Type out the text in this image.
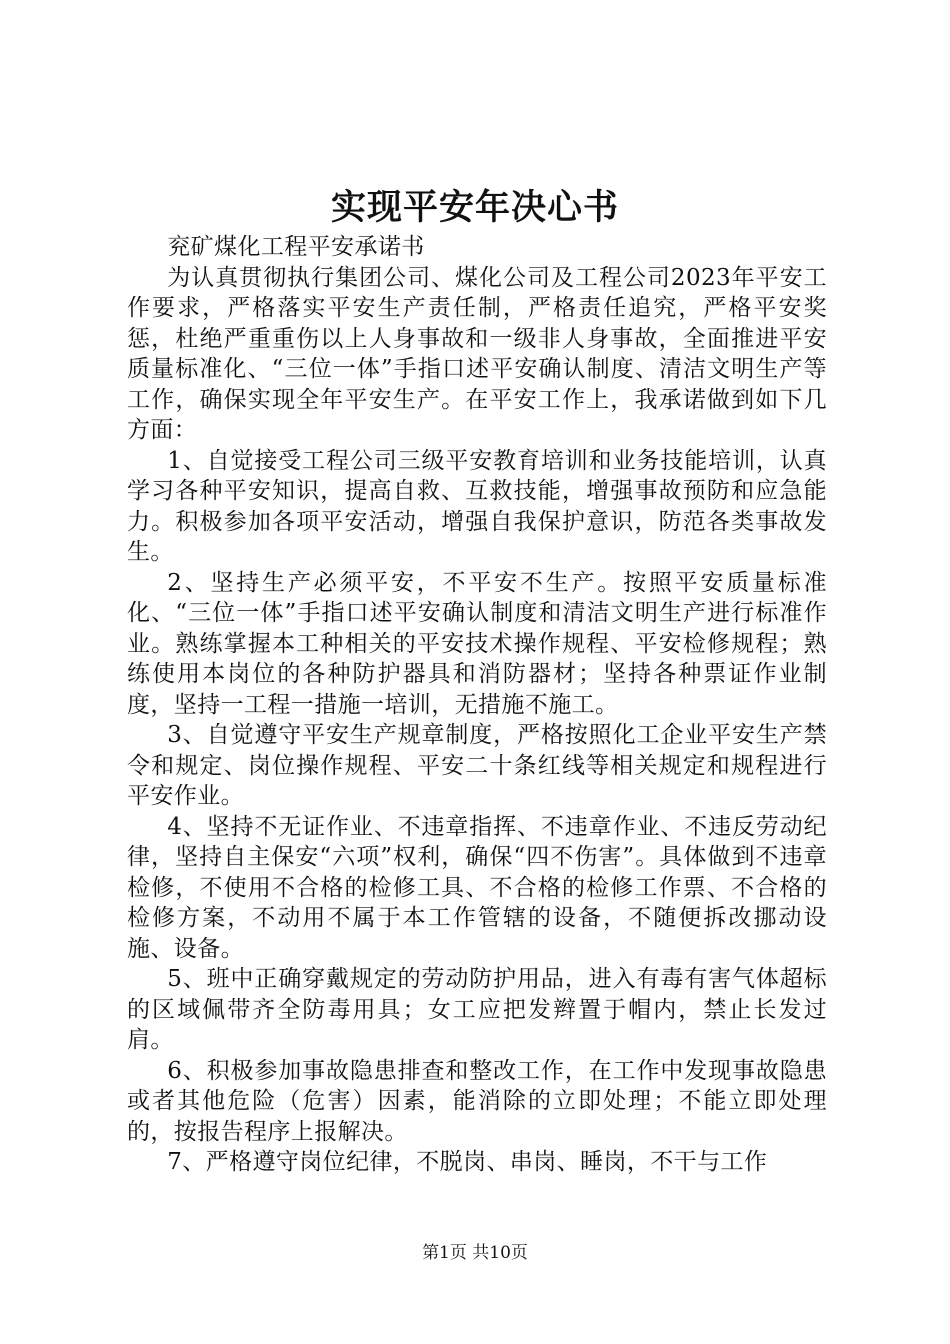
实现平安年决心书

兖矿煤化工程平安承诺书

为认真贯彻执行集团公司、煤化公司及工程公司2023年平安工作要求，严格落实平安生产责任制，严格责任追究，严格平安奖惩，杜绝严重重伤以上人身事故和一级非人身事故，全面推进平安质量标准化、“三位一体”手指口述平安确认制度、清洁文明生产等工作，确保实现全年平安生产。在平安工作上，我承诺做到如下几方面：

1、自觉接受工程公司三级平安教育培训和业务技能培训，认真学习各种平安知识，提高自救、互救技能，增强事故预防和应急能力。积极参加各项平安活动，增强自我保护意识，防范各类事故发生。

2、坚持生产必须平安，不平安不生产。按照平安质量标准化、“三位一体”手指口述平安确认制度和清洁文明生产进行标准作业。熟练掌握本工种相关的平安技术操作规程、平安检修规程；熟练使用本岗位的各种防护器具和消防器材；坚持各种票证作业制度，坚持一工程一措施一培训，无措施不施工。

3、自觉遵守平安生产规章制度，严格按照化工企业平安生产禁令和规定、岗位操作规程、平安二十条红线等相关规定和规程进行平安作业。

4、坚持不无证作业、不违章指挥、不违章作业、不违反劳动纪律，坚持自主保安“六项”权利，确保“四不伤害”。具体做到不违章检修，不使用不合格的检修工具、不合格的检修工作票、不合格的检修方案，不动用不属于本工作管辖的设备，不随便拆改挪动设施、设备。

5、班中正确穿戴规定的劳动防护用品，进入有毒有害气体超标的区域佩带齐全防毒用具；女工应把发辫置于帽内，禁止长发过肩。

6、积极参加事故隐患排查和整改工作，在工作中发现事故隐患或者其他危险（危害）因素，能消除的立即处理；不能立即处理的，按报告程序上报解决。

7、严格遵守岗位纪律，不脱岗、串岗、睡岗，不干与工作

第1页 共10页
